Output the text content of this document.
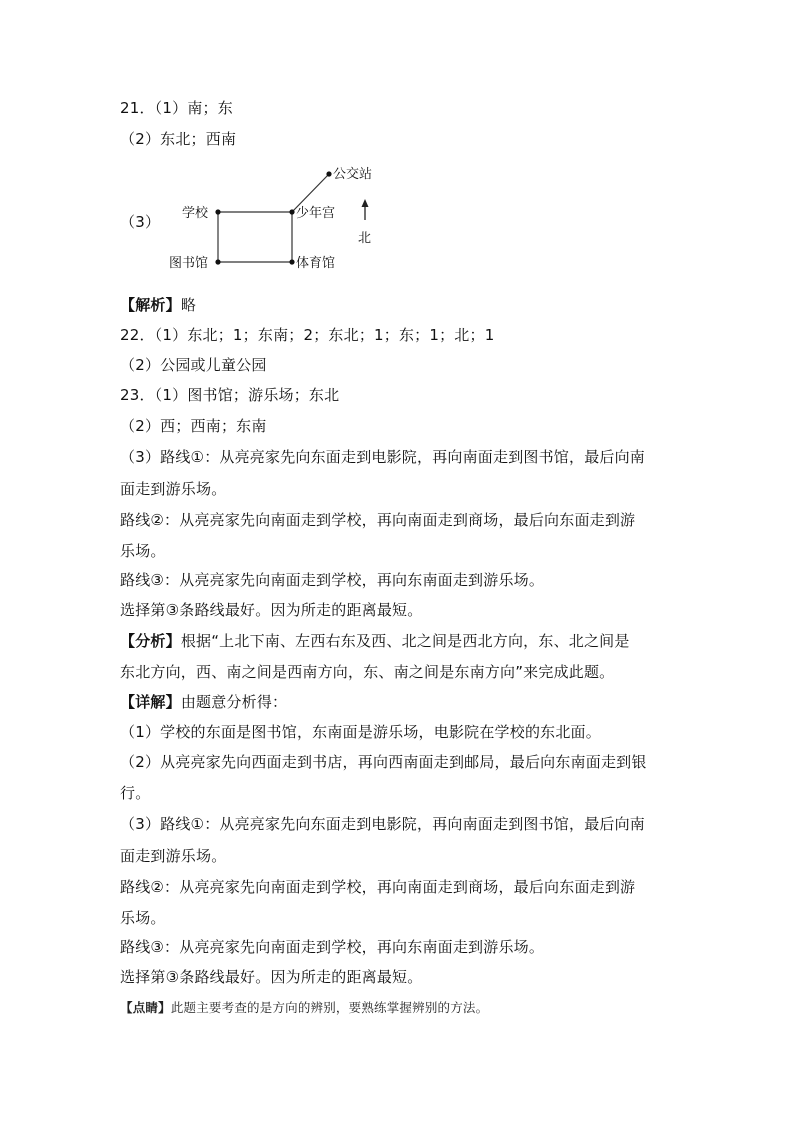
21．（1）南；东
（2）东北；西南
（3）
公交站
学校	少年宫
图书馆	体育馆
北
【解析】略
22．（1）东北；1；东南；2；东北；1；东；1；北；1
（2）公园或儿童公园
23．（1）图书馆；游乐场；东北
（2）西；西南；东南
（3）路线①：从亮亮家先向东面走到电影院，再向南面走到图书馆，最后向南
面走到游乐场。
路线②：从亮亮家先向南面走到学校，再向南面走到商场，最后向东面走到游
乐场。
路线③：从亮亮家先向南面走到学校，再向东南面走到游乐场。
选择第③条路线最好。因为所走的距离最短。
【分析】根据“上北下南、左西右东及西、北之间是西北方向，东、北之间是
东北方向，西、南之间是西南方向，东、南之间是东南方向”来完成此题。
【详解】由题意分析得：
（1）学校的东面是图书馆，东南面是游乐场，电影院在学校的东北面。
（2）从亮亮家先向西面走到书店，再向西南面走到邮局，最后向东南面走到银
行。
（3）路线①：从亮亮家先向东面走到电影院，再向南面走到图书馆，最后向南
面走到游乐场。
路线②：从亮亮家先向南面走到学校，再向南面走到商场，最后向东面走到游
乐场。
路线③：从亮亮家先向南面走到学校，再向东南面走到游乐场。
选择第③条路线最好。因为所走的距离最短。
【点睛】此题主要考查的是方向的辨别，要熟练掌握辨别的方法。
